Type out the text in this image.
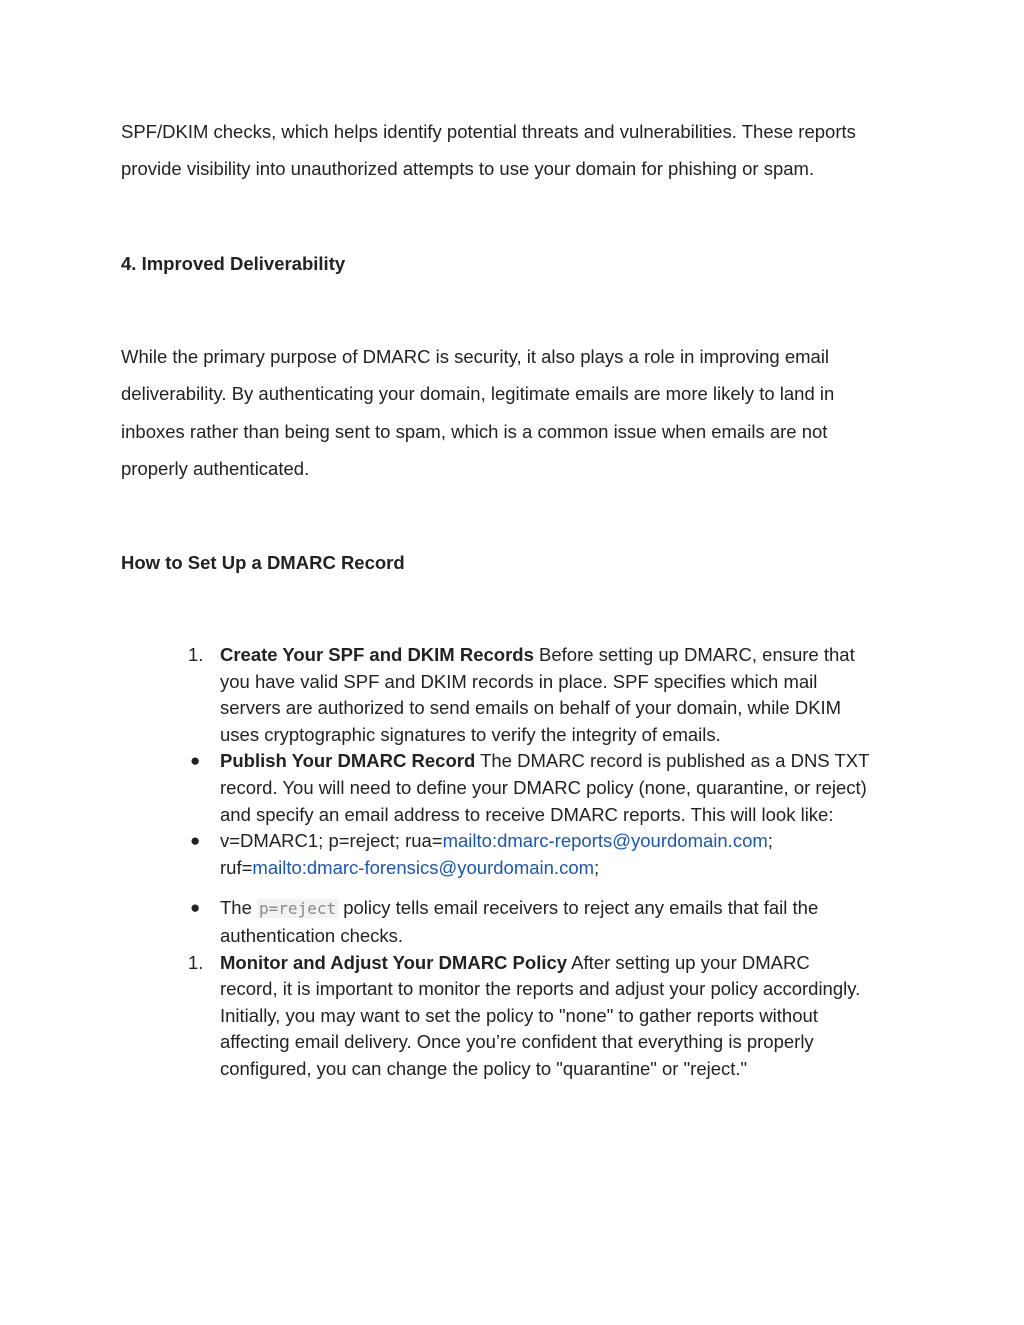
SPF/DKIM checks, which helps identify potential threats and vulnerabilities. These reports
provide visibility into unauthorized attempts to use your domain for phishing or spam.

4. Improved Deliverability

While the primary purpose of DMARC is security, it also plays a role in improving email
deliverability. By authenticating your domain, legitimate emails are more likely to land in
inboxes rather than being sent to spam, which is a common issue when emails are not
properly authenticated.

How to Set Up a DMARC Record
1. Create Your SPF and DKIM Records Before setting up DMARC, ensure that you have valid SPF and DKIM records in place. SPF specifies which mail servers are authorized to send emails on behalf of your domain, while DKIM uses cryptographic signatures to verify the integrity of emails.
●	Publish Your DMARC Record The DMARC record is published as a DNS TXT record. You will need to define your DMARC policy (none, quarantine, or reject) and specify an email address to receive DMARC reports. This will look like:
●	v=DMARC1; p=reject; rua=mailto:dmarc-reports@yourdomain.com; ruf=mailto:dmarc-forensics@yourdomain.com;
●	The p=reject policy tells email receivers to reject any emails that fail the authentication checks.
1. Monitor and Adjust Your DMARC Policy After setting up your DMARC record, it is important to monitor the reports and adjust your policy accordingly. Initially, you may want to set the policy to "none" to gather reports without affecting email delivery. Once you’re confident that everything is properly configured, you can change the policy to "quarantine" or "reject."
